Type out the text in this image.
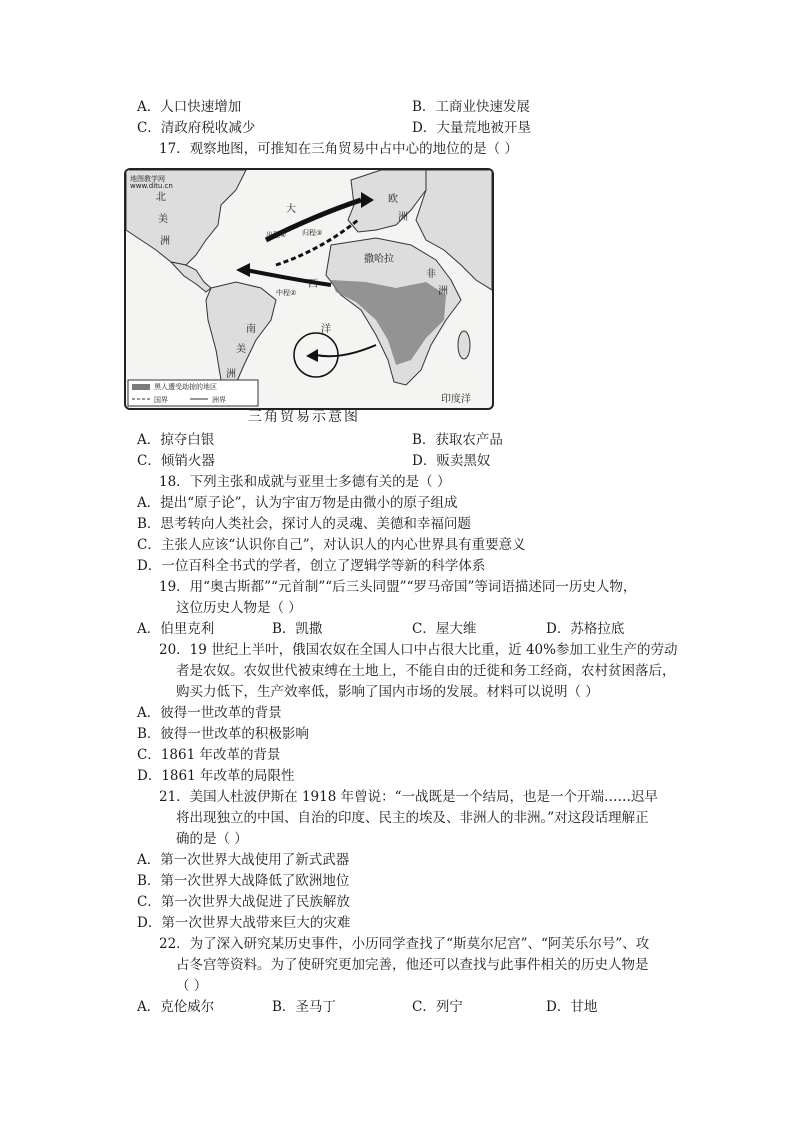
A．人口快速增加	B．工商业快速发展
C．清政府税收减少	D．大量荒地被开垦
17．观察地图，可推知在三角贸易中占中心的地位的是（ ）
地图教学网
www.ditu.cn
北
美
洲
大
西
洋
南
美
洲
欧
洲
非
洲
撒哈拉
印度洋
出程①
中程②
归程③
黑人遭受劫掠的地区
国界	洲界
三角贸易示意图
A．掠夺白银	B．获取农产品
C．倾销火器	D．贩卖黑奴
18．下列主张和成就与亚里士多德有关的是（ ）
A．提出“原子论”，认为宇宙万物是由微小的原子组成
B．思考转向人类社会，探讨人的灵魂、美德和幸福问题
C．主张人应该“认识你自己”，对认识人的内心世界具有重要意义
D．一位百科全书式的学者，创立了逻辑学等新的科学体系
19．用“奥古斯都”“元首制”“后三头同盟”“罗马帝国”等词语描述同一历史人物，
这位历史人物是（ ）
A．伯里克利	B．凯撒	C．屋大维	D．苏格拉底
20．19 世纪上半叶，俄国农奴在全国人口中占很大比重，近 40%参加工业生产的劳动
者是农奴。农奴世代被束缚在土地上，不能自由的迁徙和务工经商，农村贫困落后，
购买力低下，生产效率低，影响了国内市场的发展。材料可以说明（ ）
A．彼得一世改革的背景
B．彼得一世改革的积极影响
C．1861 年改革的背景
D．1861 年改革的局限性
21．美国人杜波伊斯在 1918 年曾说：“一战既是一个结局，也是一个开端……迟早
将出现独立的中国、自治的印度、民主的埃及、非洲人的非洲。”对这段话理解正
确的是（ ）
A．第一次世界大战使用了新式武器
B．第一次世界大战降低了欧洲地位
C．第一次世界大战促进了民族解放
D．第一次世界大战带来巨大的灾难
22．为了深入研究某历史事件，小历同学查找了“斯莫尔尼宫”、“阿芙乐尔号”、攻
占冬宫等资料。为了使研究更加完善，他还可以查找与此事件相关的历史人物是
（ ）
A．克伦威尔	B．圣马丁	C．列宁	D．甘地
